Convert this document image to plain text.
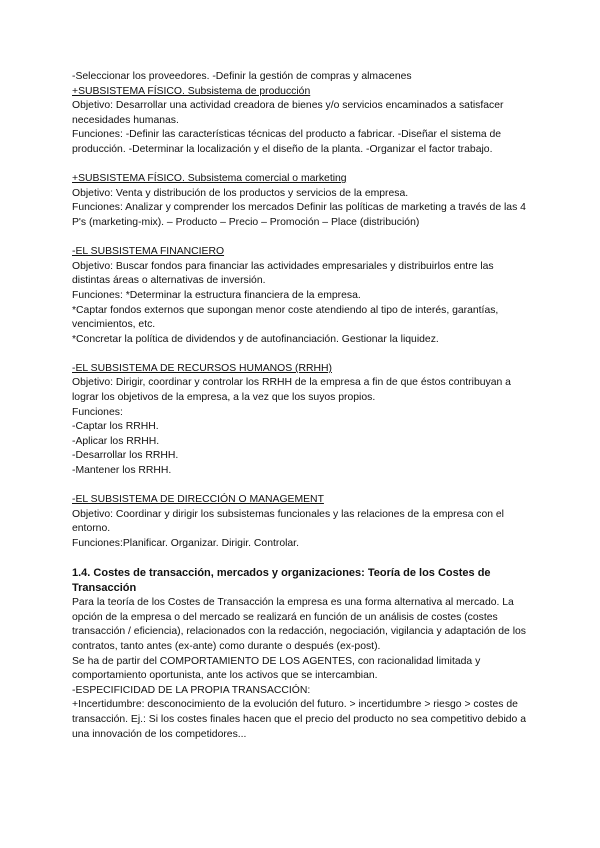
-Seleccionar los proveedores. -Definir la gestión de compras y almacenes

+SUBSISTEMA FÍSICO. Subsistema de producción

Objetivo: Desarrollar una actividad creadora de bienes y/o servicios encaminados a satisfacer necesidades humanas.

Funciones: -Definir las características técnicas del producto a fabricar. -Diseñar el sistema de producción. -Determinar la localización y el diseño de la planta. -Organizar el factor trabajo.

+SUBSISTEMA FÍSICO. Subsistema comercial o marketing

Objetivo: Venta y distribución de los productos y servicios de la empresa.

Funciones: Analizar y comprender los mercados Definir las políticas de marketing a través de las 4 P's (marketing-mix). – Producto – Precio – Promoción – Place (distribución)

-EL SUBSISTEMA FINANCIERO

Objetivo: Buscar fondos para financiar las actividades empresariales y distribuirlos entre las distintas áreas o alternativas de inversión.

Funciones: *Determinar la estructura financiera de la empresa.

*Captar fondos externos que supongan menor coste atendiendo al tipo de interés, garantías, vencimientos, etc.

*Concretar la política de dividendos y de autofinanciación. Gestionar la liquidez.

-EL SUBSISTEMA DE RECURSOS HUMANOS (RRHH)

Objetivo: Dirigir, coordinar y controlar los RRHH de la empresa a fin de que éstos contribuyan a lograr los objetivos de la empresa, a la vez que los suyos propios.

Funciones:

-Captar los RRHH.

-Aplicar los RRHH.

-Desarrollar los RRHH.

-Mantener los RRHH.

-EL SUBSISTEMA DE DIRECCIÓN O MANAGEMENT

Objetivo: Coordinar y dirigir los subsistemas funcionales y las relaciones de la empresa con el entorno.

Funciones:Planificar. Organizar. Dirigir. Controlar.

1.4. Costes de transacción, mercados y organizaciones: Teoría de los Costes de Transacción

Para la teoría de los Costes de Transacción la empresa es una forma alternativa al mercado. La opción de la empresa o del mercado se realizará en función de un análisis de costes (costes transacción / eficiencia), relacionados con la redacción, negociación, vigilancia y adaptación de los contratos, tanto antes (ex-ante) como durante o después (ex-post).

Se ha de partir del COMPORTAMIENTO DE LOS AGENTES, con racionalidad limitada y comportamiento oportunista, ante los activos que se intercambian.

-ESPECIFICIDAD DE LA PROPIA TRANSACCIÓN:

+Incertidumbre: desconocimiento de la evolución del futuro. > incertidumbre > riesgo > costes de transacción. Ej.: Si los costes finales hacen que el precio del producto no sea competitivo debido a una innovación de los competidores...
